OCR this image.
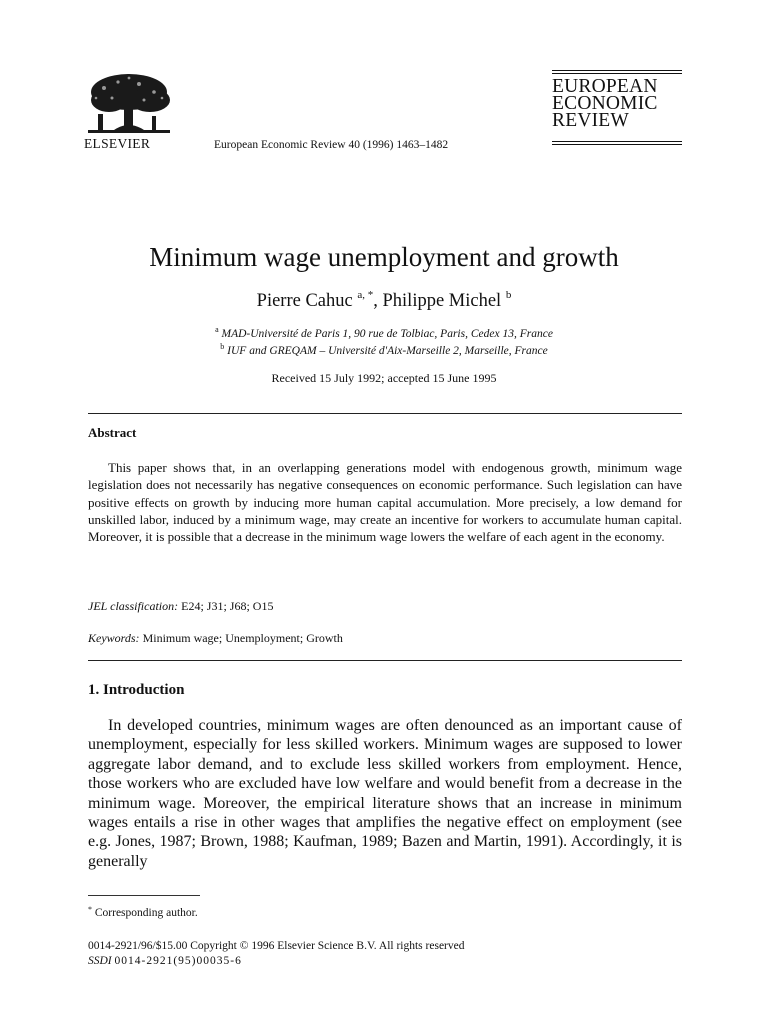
ELSEVIER	European Economic Review 40 (1996) 1463–1482
EUROPEAN
ECONOMIC
REVIEW
Minimum wage unemployment and growth
Pierre Cahuc $^{a, *}$, Philippe Michel $^b$
$^a$ MAD-Université de Paris 1, 90 rue de Tolbiac, Paris, Cedex 13, France
$^b$ IUF and GREQAM – Université d'Aix-Marseille 2, Marseille, France
Received 15 July 1992; accepted 15 June 1995
Abstract

This paper shows that, in an overlapping generations model with endogenous growth, minimum wage legislation does not necessarily has negative consequences on economic performance. Such legislation can have positive effects on growth by inducing more human capital accumulation. More precisely, a low demand for unskilled labor, induced by a minimum wage, may create an incentive for workers to accumulate human capital. Moreover, it is possible that a decrease in the minimum wage lowers the welfare of each agent in the economy.

JEL classification: E24; J31; J68; O15
Keywords: Minimum wage; Unemployment; Growth
1. Introduction

In developed countries, minimum wages are often denounced as an important cause of unemployment, especially for less skilled workers. Minimum wages are supposed to lower aggregate labor demand, and to exclude less skilled workers from employment. Hence, those workers who are excluded have low welfare and would benefit from a decrease in the minimum wage. Moreover, the empirical literature shows that an increase in minimum wages entails a rise in other wages that amplifies the negative effect on employment (see e.g. Jones, 1987; Brown, 1988; Kaufman, 1989; Bazen and Martin, 1991). Accordingly, it is generally

* Corresponding author.
0014-2921/96/$15.00 Copyright © 1996 Elsevier Science B.V. All rights reserved
SSDI 0014-2921(95)00035-6
